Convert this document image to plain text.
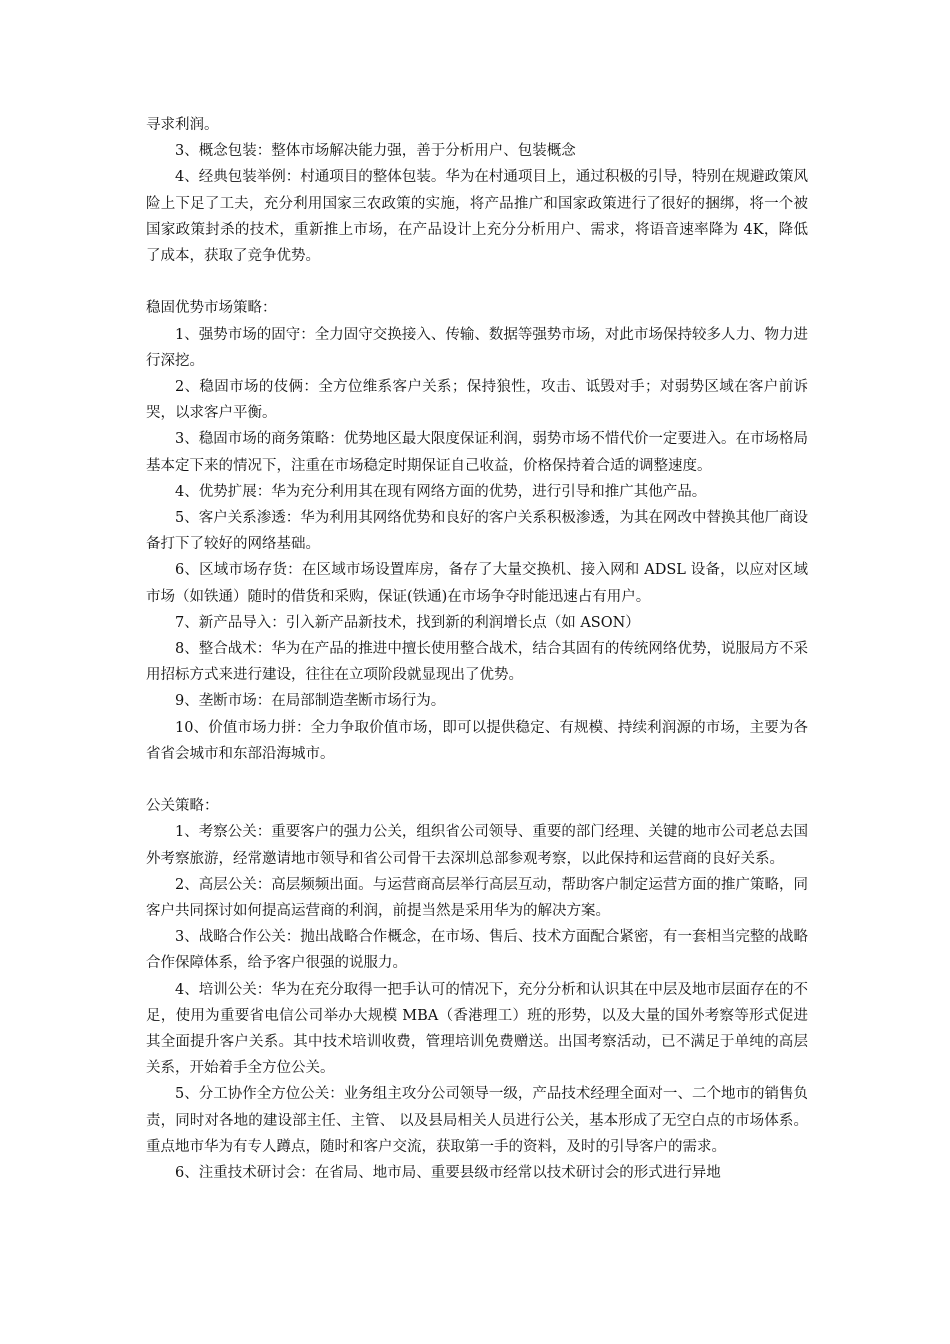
寻求利润。

3、概念包装：整体市场解决能力强，善于分析用户、包装概念

4、经典包装举例：村通项目的整体包装。华为在村通项目上，通过积极的引导，特别在规避政策风险上下足了工夫，充分利用国家三农政策的实施，将产品推广和国家政策进行了很好的捆绑，将一个被国家政策封杀的技术，重新推上市场，在产品设计上充分分析用户、需求，将语音速率降为 4K，降低了成本，获取了竞争优势。

稳固优势市场策略：

1、强势市场的固守：全力固守交换接入、传输、数据等强势市场，对此市场保持较多人力、物力进行深挖。

2、稳固市场的伎俩：全方位维系客户关系；保持狼性，攻击、诋毁对手；对弱势区域在客户前诉哭，以求客户平衡。

3、稳固市场的商务策略：优势地区最大限度保证利润，弱势市场不惜代价一定要进入。在市场格局基本定下来的情况下，注重在市场稳定时期保证自己收益，价格保持着合适的调整速度。

4、优势扩展：华为充分利用其在现有网络方面的优势，进行引导和推广其他产品。

5、客户关系渗透：华为利用其网络优势和良好的客户关系积极渗透，为其在网改中替换其他厂商设备打下了较好的网络基础。

6、区域市场存货：在区域市场设置库房，备存了大量交换机、接入网和 ADSL 设备，以应对区域市场（如铁通）随时的借货和采购，保证(铁通)在市场争夺时能迅速占有用户。

7、新产品导入：引入新产品新技术，找到新的利润增长点（如 ASON）

8、整合战术：华为在产品的推进中擅长使用整合战术，结合其固有的传统网络优势，说服局方不采用招标方式来进行建设，往往在立项阶段就显现出了优势。

9、垄断市场：在局部制造垄断市场行为。

10、价值市场力拼：全力争取价值市场，即可以提供稳定、有规模、持续利润源的市场，主要为各省省会城市和东部沿海城市。

公关策略：

1、考察公关：重要客户的强力公关，组织省公司领导、重要的部门经理、关键的地市公司老总去国外考察旅游，经常邀请地市领导和省公司骨干去深圳总部参观考察，以此保持和运营商的良好关系。

2、高层公关：高层频频出面。与运营商高层举行高层互动，帮助客户制定运营方面的推广策略，同客户共同探讨如何提高运营商的利润，前提当然是采用华为的解决方案。

3、战略合作公关：抛出战略合作概念，在市场、售后、技术方面配合紧密，有一套相当完整的战略合作保障体系，给予客户很强的说服力。

4、培训公关：华为在充分取得一把手认可的情况下，充分分析和认识其在中层及地市层面存在的不足，使用为重要省电信公司举办大规模 MBA（香港理工）班的形势，以及大量的国外考察等形式促进其全面提升客户关系。其中技术培训收费，管理培训免费赠送。出国考察活动，已不满足于单纯的高层关系，开始着手全方位公关。

5、分工协作全方位公关：业务组主攻分公司领导一级，产品技术经理全面对一、二个地市的销售负责，同时对各地的建设部主任、主管、 以及县局相关人员进行公关，基本形成了无空白点的市场体系。重点地市华为有专人蹲点，随时和客户交流，获取第一手的资料，及时的引导客户的需求。

6、注重技术研讨会：在省局、地市局、重要县级市经常以技术研讨会的形式进行异地
